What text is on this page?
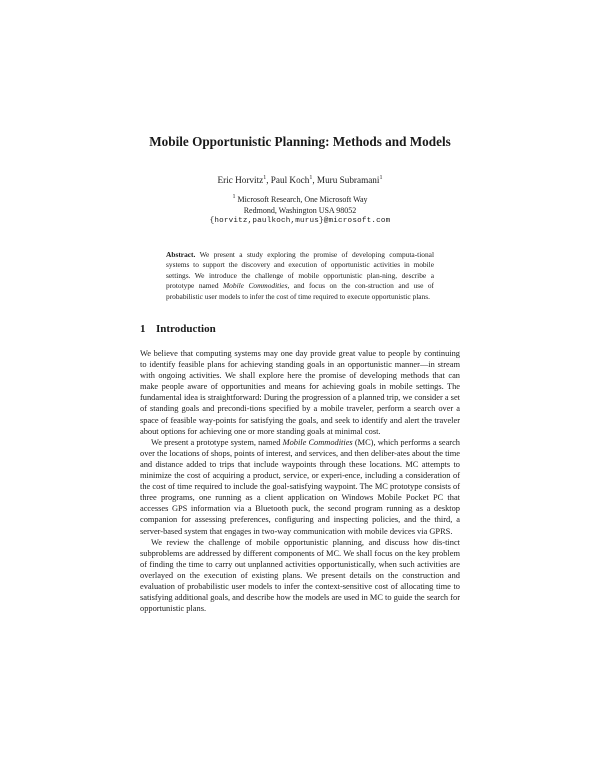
Mobile Opportunistic Planning: Methods and Models
Eric Horvitz$^1$, Paul Koch$^1$, Muru Subramani$^1$
$^1$ Microsoft Research, One Microsoft Way
Redmond, Washington USA 98052
{horvitz,paulkoch,murus}@microsoft.com
Abstract. We present a study exploring the promise of developing computa-tional systems to support the discovery and execution of opportunistic activities in mobile settings. We introduce the challenge of mobile opportunistic plan-ning, describe a prototype named Mobile Commodities, and focus on the con-struction and use of probabilistic user models to infer the cost of time required to execute opportunistic plans.
1 Introduction

We believe that computing systems may one day provide great value to people by continuing to identify feasible plans for achieving standing goals in an opportunistic manner—in stream with ongoing activities. We shall explore here the promise of developing methods that can make people aware of opportunities and means for achieving goals in mobile settings. The fundamental idea is straightforward: During the progression of a planned trip, we consider a set of standing goals and precondi-tions specified by a mobile traveler, perform a search over a space of feasible way-points for satisfying the goals, and seek to identify and alert the traveler about options for achieving one or more standing goals at minimal cost.

We present a prototype system, named Mobile Commodities (MC), which performs a search over the locations of shops, points of interest, and services, and then deliber-ates about the time and distance added to trips that include waypoints through these locations. MC attempts to minimize the cost of acquiring a product, service, or experi-ence, including a consideration of the cost of time required to include the goal-satisfying waypoint. The MC prototype consists of three programs, one running as a client application on Windows Mobile Pocket PC that accesses GPS information via a Bluetooth puck, the second program running as a desktop companion for assessing preferences, configuring and inspecting policies, and the third, a server-based system that engages in two-way communication with mobile devices via GPRS.

We review the challenge of mobile opportunistic planning, and discuss how dis-tinct subproblems are addressed by different components of MC. We shall focus on the key problem of finding the time to carry out unplanned activities opportunistically, when such activities are overlayed on the execution of existing plans. We present details on the construction and evaluation of probabilistic user models to infer the context-sensitive cost of allocating time to satisfying additional goals, and describe how the models are used in MC to guide the search for opportunistic plans.
